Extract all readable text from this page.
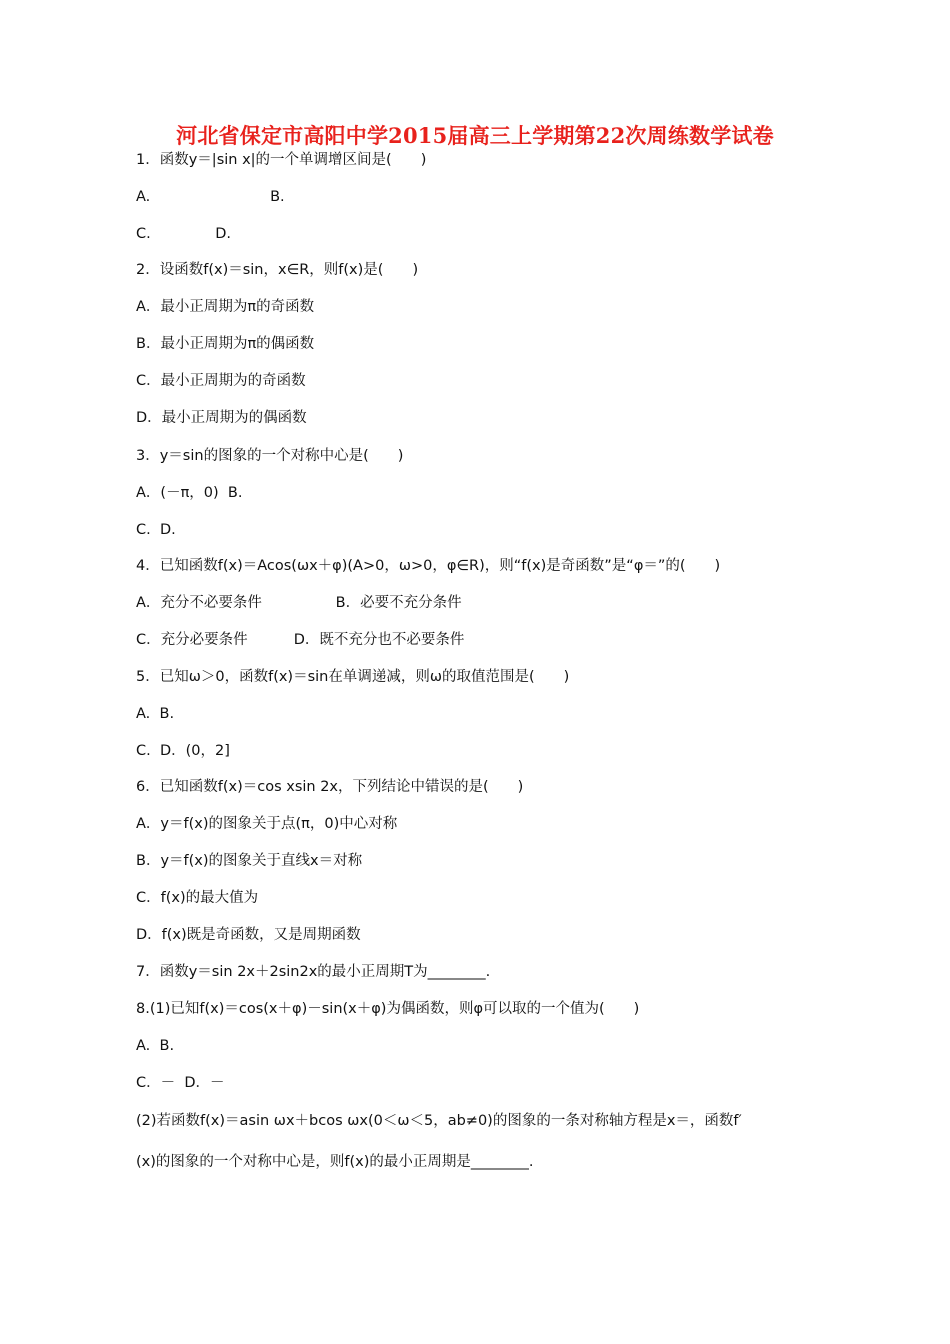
河北省保定市高阳中学2015届高三上学期第22次周练数学试卷
1．函数y＝|sin x|的一个单调增区间是(　　)
A.                          B.
C.              D.
2．设函数f(x)＝sin，x∈R，则f(x)是(　　)
A．最小正周期为π的奇函数
B．最小正周期为π的偶函数
C．最小正周期为的奇函数
D．最小正周期为的偶函数
3．y＝sin的图象的一个对称中心是(　　)
A．(－π，0)  B.
C.  D.
4．已知函数f(x)＝Acos(ωx＋φ)(A>0，ω>0，φ∈R)，则“f(x)是奇函数”是“φ＝”的(　　)
A．充分不必要条件                B．必要不充分条件
C．充分必要条件          D．既不充分也不必要条件
5．已知ω＞0，函数f(x)＝sin在单调递减，则ω的取值范围是(　　)
A.  B.
C.  D．(0，2]
6．已知函数f(x)＝cos xsin 2x，下列结论中错误的是(　　)
A．y＝f(x)的图象关于点(π，0)中心对称
B．y＝f(x)的图象关于直线x＝对称
C．f(x)的最大值为
D．f(x)既是奇函数，又是周期函数
7．函数y＝sin 2x＋2sin2x的最小正周期T为________.
8.(1)已知f(x)＝cos(x＋φ)－sin(x＋φ)为偶函数，则φ可以取的一个值为(　　)
A.  B.
C．－  D．－
(2)若函数f(x)＝asin ωx＋bcos ωx(0＜ω＜5，ab≠0)的图象的一条对称轴方程是x＝，函数f′
(x)的图象的一个对称中心是，则f(x)的最小正周期是________.
